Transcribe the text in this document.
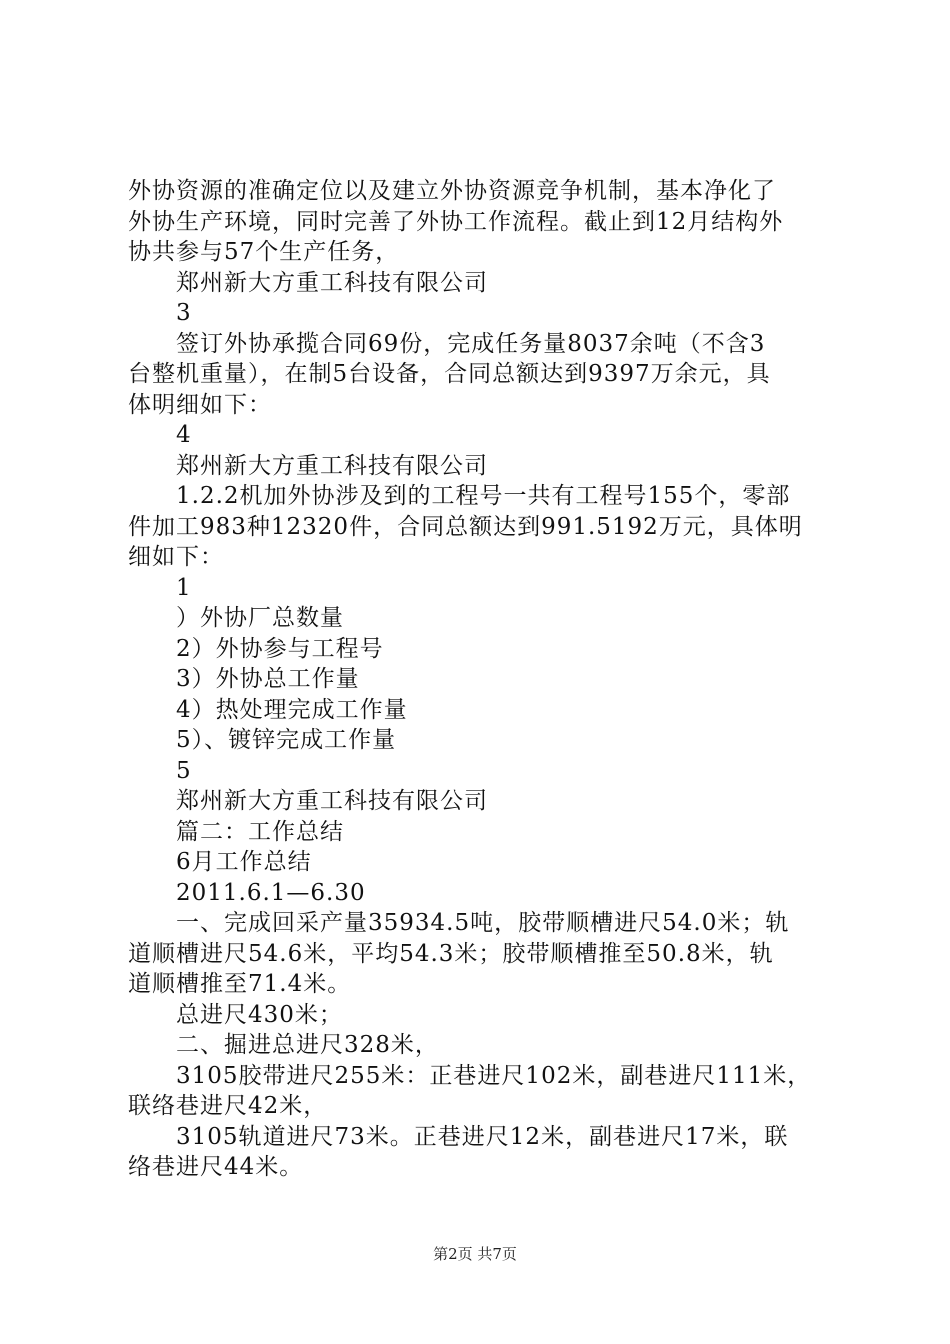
外协资源的准确定位以及建立外协资源竞争机制，基本净化了
外协生产环境，同时完善了外协工作流程。截止到12月结构外
协共参与57个生产任务，
郑州新大方重工科技有限公司
3
签订外协承揽合同69份，完成任务量8037余吨（不含3
台整机重量），在制5台设备，合同总额达到9397万余元，具
体明细如下：
4
郑州新大方重工科技有限公司
1.2.2机加外协涉及到的工程号一共有工程号155个，零部
件加工983种12320件，合同总额达到991.5192万元，具体明
细如下：
1
）外协厂总数量
2）外协参与工程号
3）外协总工作量
4）热处理完成工作量
5）、镀锌完成工作量
5
郑州新大方重工科技有限公司
篇二：工作总结
6月工作总结
2011.6.1—6.30
一、完成回采产量35934.5吨，胶带顺槽进尺54.0米；轨
道顺槽进尺54.6米，平均54.3米；胶带顺槽推至50.8米，轨
道顺槽推至71.4米。
总进尺430米；
二、掘进总进尺328米，
3105胶带进尺255米：正巷进尺102米，副巷进尺111米，
联络巷进尺42米，
3105轨道进尺73米。正巷进尺12米，副巷进尺17米，联
络巷进尺44米。
第2页 共7页
